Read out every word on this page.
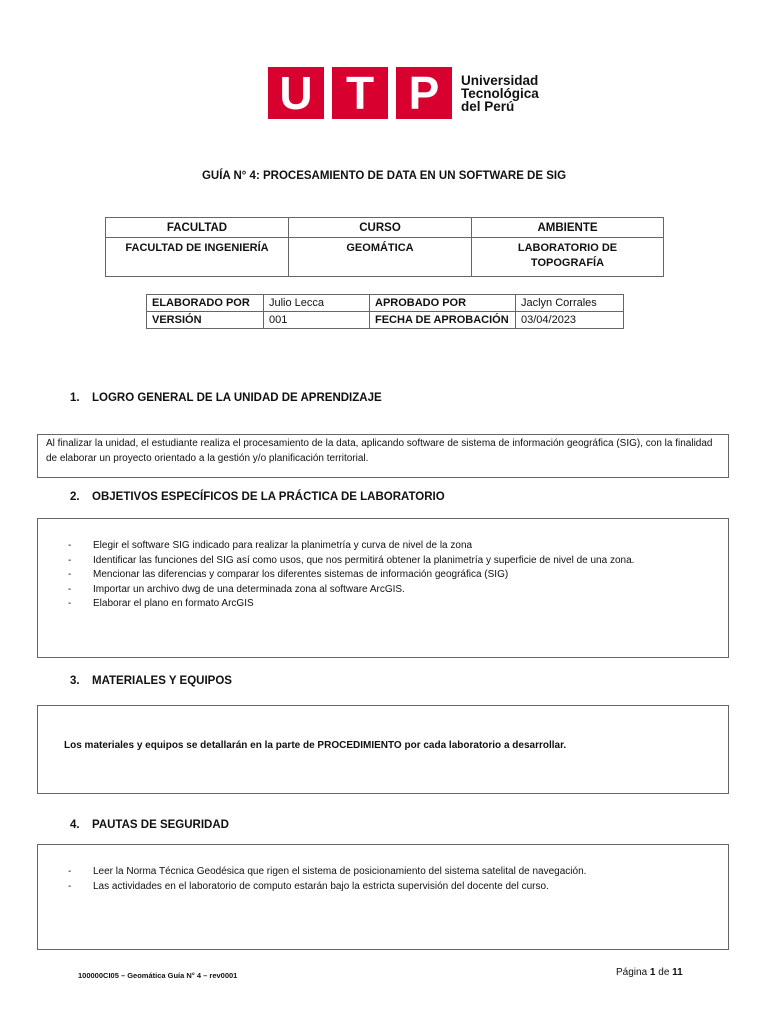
U T P	Universidad
Tecnológica
del Perú
GUÍA N° 4: PROCESAMIENTO DE DATA EN UN SOFTWARE DE SIG
FACULTAD	CURSO	AMBIENTE
FACULTAD DE INGENIERÍA	GEOMÁTICA	LABORATORIO DE TOPOGRAFÍA
ELABORADO POR	Julio Lecca	APROBADO POR	Jaclyn Corrales
VERSIÓN	001	FECHA DE APROBACIÓN	03/04/2023
1. LOGRO GENERAL DE LA UNIDAD DE APRENDIZAJE

Al finalizar la unidad, el estudiante realiza el procesamiento de la data, aplicando software de sistema de información geográfica (SIG), con la finalidad de elaborar un proyecto orientado a la gestión y/o planificación territorial.

2. OBJETIVOS ESPECÍFICOS DE LA PRÁCTICA DE LABORATORIO
-	Elegir el software SIG indicado para realizar la planimetría y curva de nivel de la zona
-	Identificar las funciones del SIG así como usos, que nos permitirá obtener la planimetría y superficie de nivel de una zona.
-	Mencionar las diferencias y comparar los diferentes sistemas de información geográfica (SIG)
-	Importar un archivo dwg de una determinada zona al software ArcGIS.
-	Elaborar el plano en formato ArcGIS
3. MATERIALES Y EQUIPOS

Los materiales y equipos se detallarán en la parte de PROCEDIMIENTO por cada laboratorio a desarrollar.

4. PAUTAS DE SEGURIDAD
-	Leer la Norma Técnica Geodésica que rigen el sistema de posicionamiento del sistema satelital de navegación.
-	Las actividades en el laboratorio de computo estarán bajo la estricta supervisión del docente del curso.
100000CI05 – Geomática Guía N° 4 – rev0001	Página 1 de 11
